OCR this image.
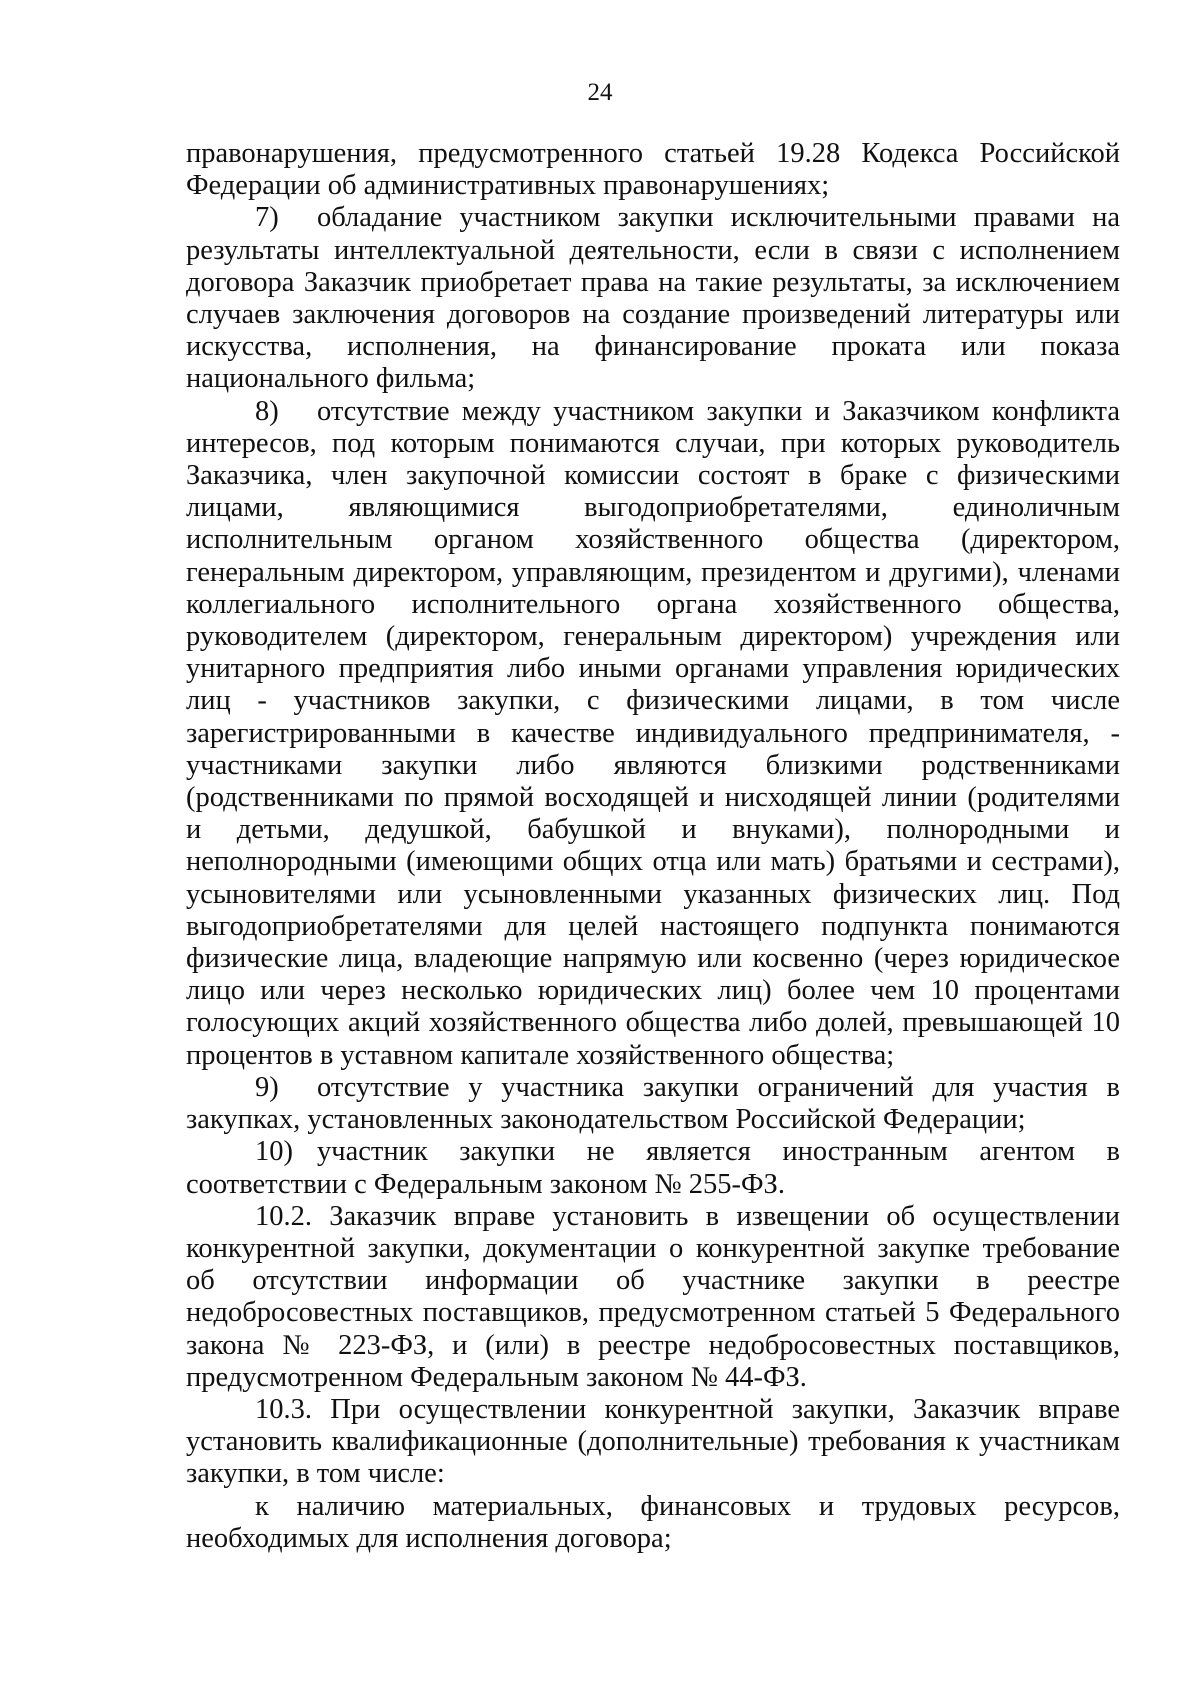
24

правонарушения, предусмотренного статьей 19.28 Кодекса Российской Федерации об административных правонарушениях;

7) обладание участником закупки исключительными правами на результаты интеллектуальной деятельности, если в связи с исполнением договора Заказчик приобретает права на такие результаты, за исключением случаев заключения договоров на создание произведений литературы или искусства, исполнения, на финансирование проката или показа национального фильма;

8) отсутствие между участником закупки и Заказчиком конфликта интересов, под которым понимаются случаи, при которых руководитель Заказчика, член закупочной комиссии состоят в браке с физическими лицами, являющимися выгодоприобретателями, единоличным исполнительным органом хозяйственного общества (директором, генеральным директором, управляющим, президентом и другими), членами коллегиального исполнительного органа хозяйственного общества, руководителем (директором, генеральным директором) учреждения или унитарного предприятия либо иными органами управления юридических лиц - участников закупки, с физическими лицами, в том числе зарегистрированными в качестве индивидуального предпринимателя, - участниками закупки либо являются близкими родственниками (родственниками по прямой восходящей и нисходящей линии (родителями и детьми, дедушкой, бабушкой и внуками), полнородными и неполнородными (имеющими общих отца или мать) братьями и сестрами), усыновителями или усыновленными указанных физических лиц. Под выгодоприобретателями для целей настоящего подпункта понимаются физические лица, владеющие напрямую или косвенно (через юридическое лицо или через несколько юридических лиц) более чем 10 процентами голосующих акций хозяйственного общества либо долей, превышающей 10 процентов в уставном капитале хозяйственного общества;

9) отсутствие у участника закупки ограничений для участия в закупках, установленных законодательством Российской Федерации;

10) участник закупки не является иностранным агентом в соответствии с Федеральным законом № 255-ФЗ.

10.2. Заказчик вправе установить в извещении об осуществлении конкурентной закупки, документации о конкурентной закупке требование об отсутствии информации об участнике закупки в реестре недобросовестных поставщиков, предусмотренном статьей 5 Федерального закона № 223-ФЗ, и (или) в реестре недобросовестных поставщиков, предусмотренном Федеральным законом № 44-ФЗ.

10.3. При осуществлении конкурентной закупки, Заказчик вправе установить квалификационные (дополнительные) требования к участникам закупки, в том числе:

к наличию материальных, финансовых и трудовых ресурсов, необходимых для исполнения договора;
